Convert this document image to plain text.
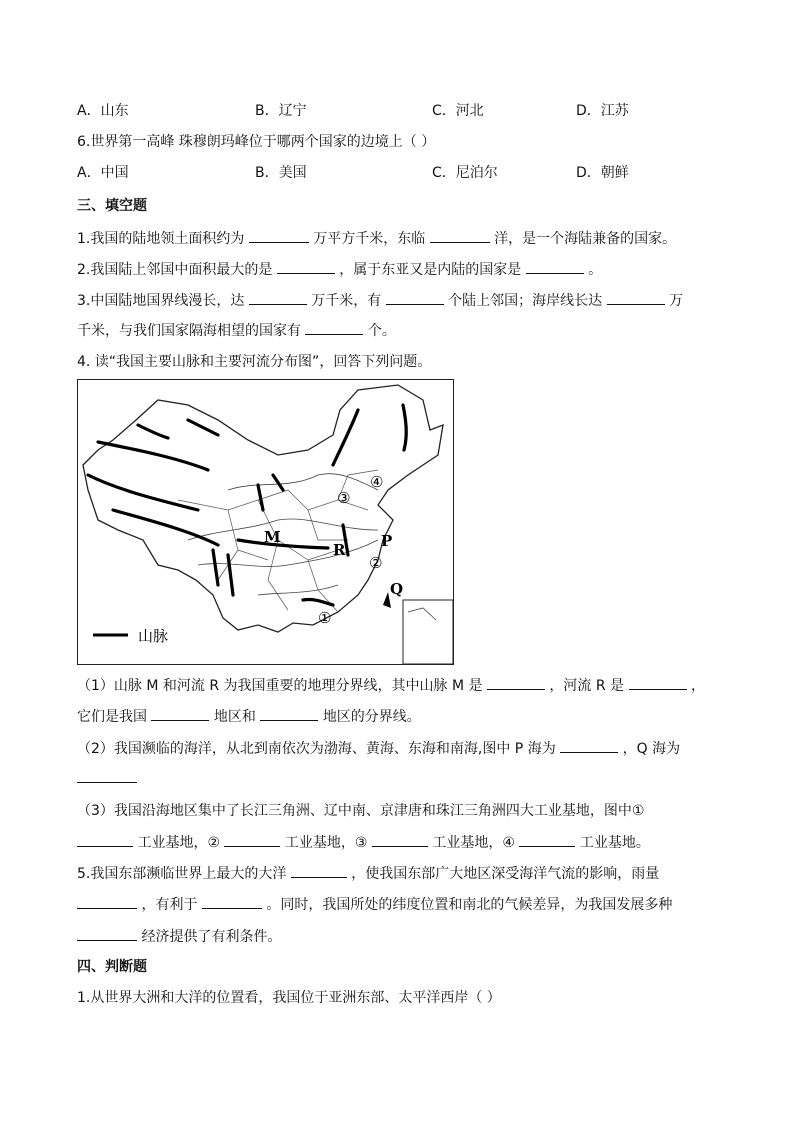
A．山东	B．辽宁	C．河北	D．江苏
6.世界第一高峰 珠穆朗玛峰位于哪两个国家的边境上（ ）
A．中国	B．美国	C．尼泊尔	D．朝鲜
三、填空题
1.我国的陆地领土面积约为	万平方千米，东临	洋，是一个海陆兼备的国家。
2.我国陆上邻国中面积最大的是	，属于东亚又是内陆的国家是	。
3.中国陆地国界线漫长，达	万千米，有	个陆上邻国；海岸线长达	万
千米，与我们国家隔海相望的国家有	个。
4. 读“我国主要山脉和主要河流分布图”，回答下列问题。
山脉
M
R P
Q
①
②
③
④
（1）山脉 M 和河流 R 为我国重要的地理分界线，其中山脉 M 是	，河流 R 是	，
它们是我国	地区和	地区的分界线。
（2）我国濒临的海洋，从北到南依次为渤海、黄海、东海和南海,图中 P 海为	，Q 海为
（3）我国沿海地区集中了长江三角洲、辽中南、京津唐和珠江三角洲四大工业基地，图中①
工业基地，②	工业基地，③	工业基地，④	工业基地。
5.我国东部濒临世界上最大的大洋	，使我国东部广大地区深受海洋气流的影响，雨量
，有利于	。同时，我国所处的纬度位置和南北的气候差异，为我国发展多种
经济提供了有利条件。
四、判断题
1.从世界大洲和大洋的位置看，我国位于亚洲东部、太平洋西岸（ ）
